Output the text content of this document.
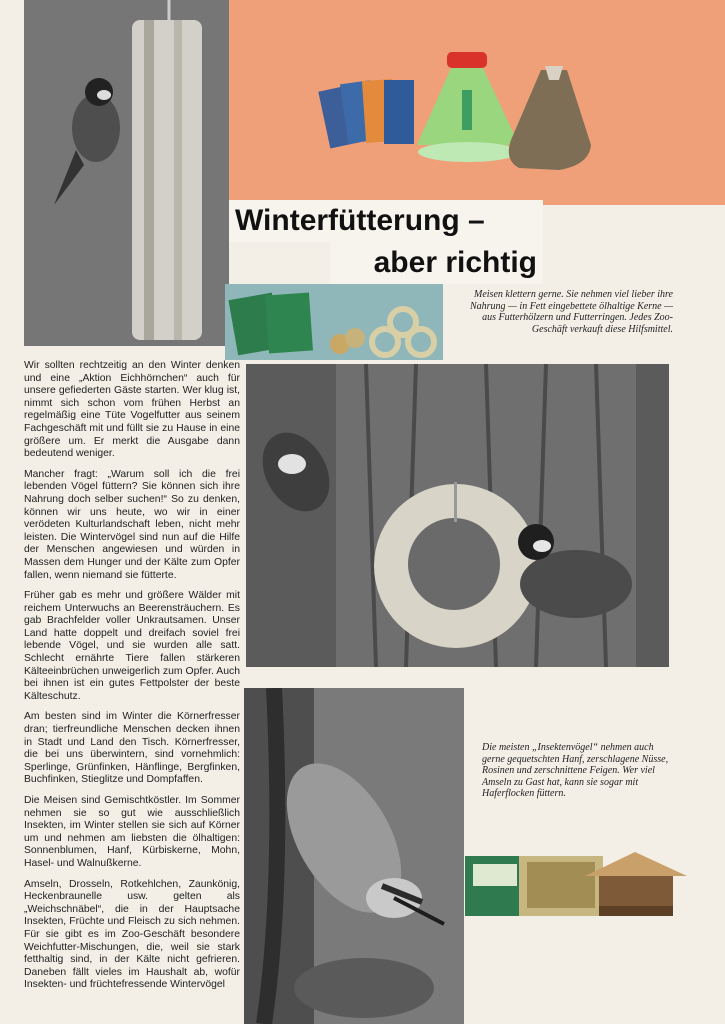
Winterfütterung –
aber richtig
Meisen klettern gerne. Sie nehmen viel lieber ihre Nahrung — in Fett eingebettete ölhaltige Kerne — aus Futterhölzern und Futterringen. Jedes Zoo-Geschäft verkauft diese Hilfsmittel.
Die meisten „Insektenvögel“ nehmen auch gerne gequetschten Hanf, zerschlagene Nüsse, Rosinen und zerschnittene Feigen. Wer viel Amseln zu Gast hat, kann sie sogar mit Haferflocken füttern.

Wir sollten rechtzeitig an den Winter denken und eine „Aktion Eichhörnchen“ auch für unsere gefiederten Gäste starten. Wer klug ist, nimmt sich schon vom frühen Herbst an regelmäßig eine Tüte Vogelfutter aus seinem Fachgeschäft mit und füllt sie zu Hause in eine größere um. Er merkt die Ausgabe dann bedeutend weniger.

Mancher fragt: „Warum soll ich die frei lebenden Vögel füttern? Sie können sich ihre Nahrung doch selber suchen!“ So zu denken, können wir uns heute, wo wir in einer verödeten Kulturlandschaft leben, nicht mehr leisten. Die Wintervögel sind nun auf die Hilfe der Menschen angewiesen und würden in Massen dem Hunger und der Kälte zum Opfer fallen, wenn niemand sie fütterte.

Früher gab es mehr und größere Wälder mit reichem Unterwuchs an Beerensträuchern. Es gab Brachfelder voller Unkrautsamen. Unser Land hatte doppelt und dreifach soviel frei lebende Vögel, und sie wurden alle satt. Schlecht ernährte Tiere fallen stärkeren Kälteeinbrüchen unweigerlich zum Opfer. Auch bei ihnen ist ein gutes Fettpolster der beste Kälteschutz.

Am besten sind im Winter die Körnerfresser dran; tierfreundliche Menschen decken ihnen in Stadt und Land den Tisch. Körnerfresser, die bei uns überwintern, sind vornehmlich: Sperlinge, Grünfinken, Hänflinge, Bergfinken, Buchfinken, Stieglitze und Dompfaffen.

Die Meisen sind Gemischtköstler. Im Sommer nehmen sie so gut wie ausschließlich Insekten, im Winter stellen sie sich auf Körner um und nehmen am liebsten die ölhaltigen: Sonnenblumen, Hanf, Kürbiskerne, Mohn, Hasel- und Walnußkerne.

Amseln, Drosseln, Rotkehlchen, Zaunkönig, Heckenbraunelle usw. gelten als „Weichschnäbel“, die in der Hauptsache Insekten, Früchte und Fleisch zu sich nehmen. Für sie gibt es im Zoo-Geschäft besondere Weichfutter-Mischungen, die, weil sie stark fetthaltig sind, in der Kälte nicht gefrieren. Daneben fällt vieles im Haushalt ab, wofür Insekten- und früchtefressende Wintervögel
